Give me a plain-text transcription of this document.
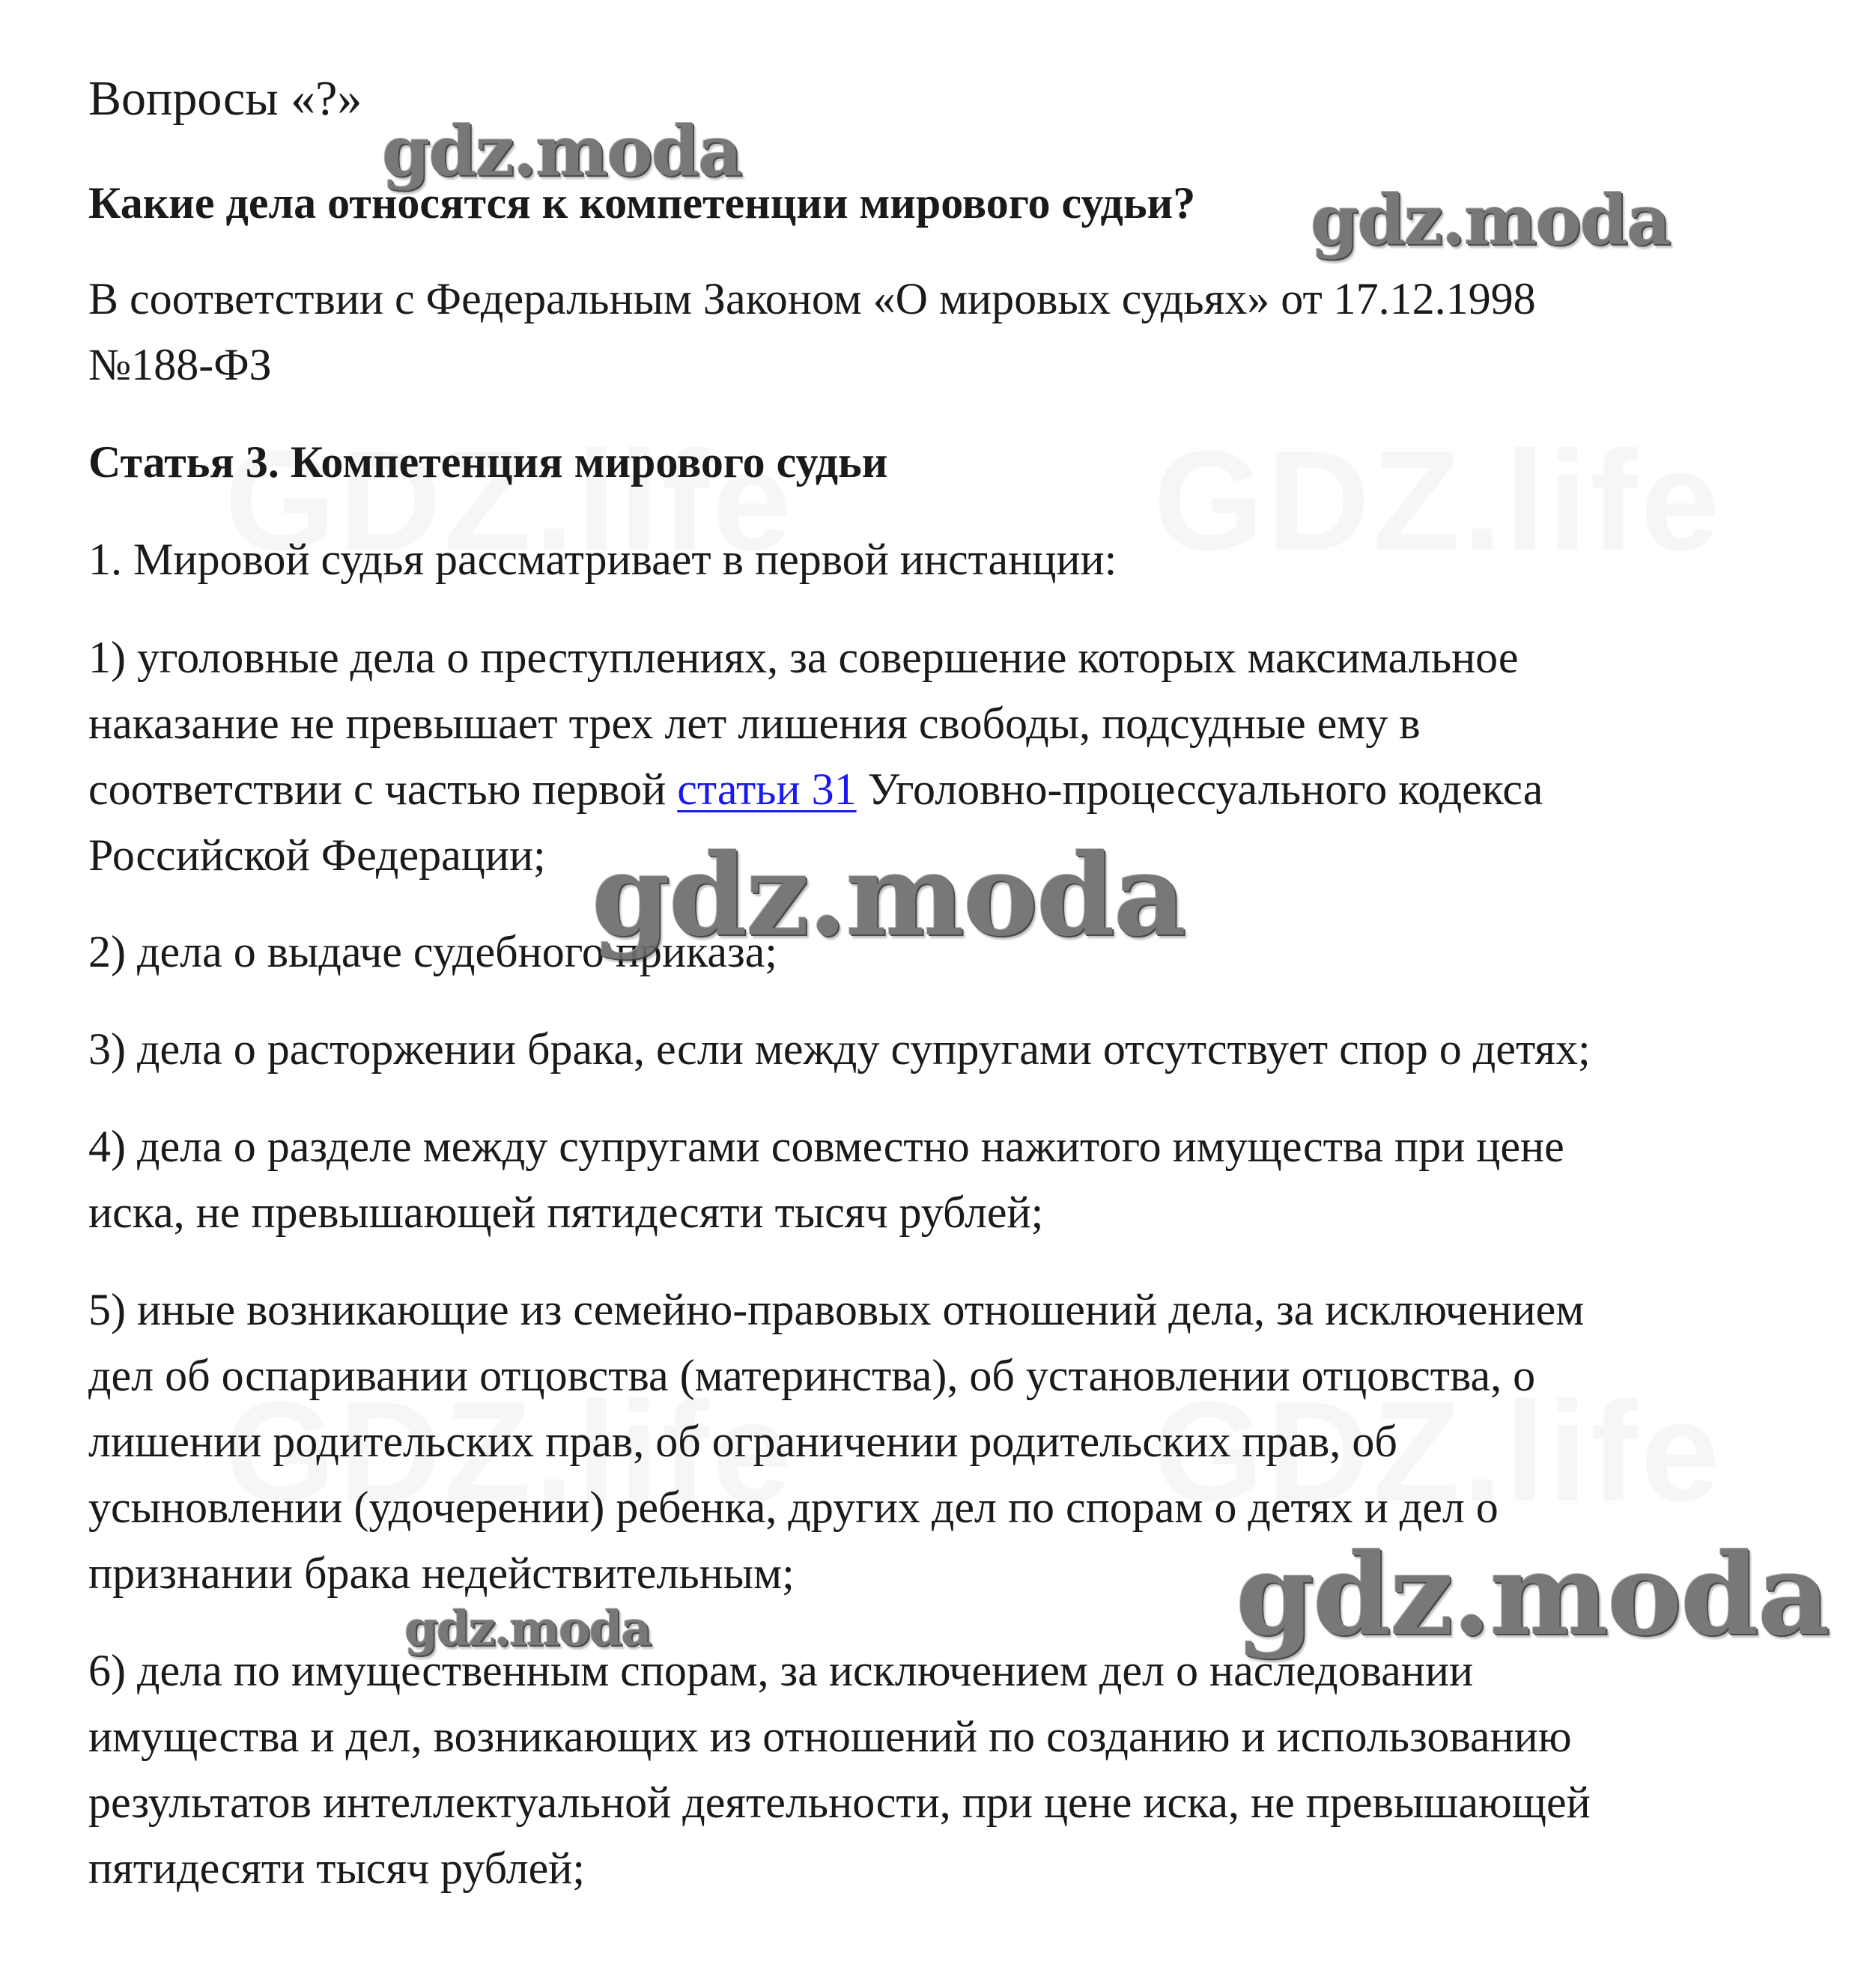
Вопросы «?»

Какие дела относятся к компетенции мирового судьи?

В соответствии с Федеральным Законом «О мировых судьях» от 17.12.1998

№188-ФЗ

Статья 3. Компетенция мирового судьи

1. Мировой судья рассматривает в первой инстанции:

1) уголовные дела о преступлениях, за совершение которых максимальное

наказание не превышает трех лет лишения свободы, подсудные ему в

соответствии с частью первой статьи 31 Уголовно-процессуального кодекса

Российской Федерации;

2) дела о выдаче судебного приказа;

3) дела о расторжении брака, если между супругами отсутствует спор о детях;

4) дела о разделе между супругами совместно нажитого имущества при цене

иска, не превышающей пятидесяти тысяч рублей;

5) иные возникающие из семейно-правовых отношений дела, за исключением

дел об оспаривании отцовства (материнства), об установлении отцовства, о

лишении родительских прав, об ограничении родительских прав, об

усыновлении (удочерении) ребенка, других дел по спорам о детях и дел о

признании брака недействительным;

6) дела по имущественным спорам, за исключением дел о наследовании

имущества и дел, возникающих из отношений по созданию и использованию

результатов интеллектуальной деятельности, при цене иска, не превышающей

пятидесяти тысяч рублей;

gdz.moda
gdz.moda
gdz.moda
gdz.moda
gdz.moda
